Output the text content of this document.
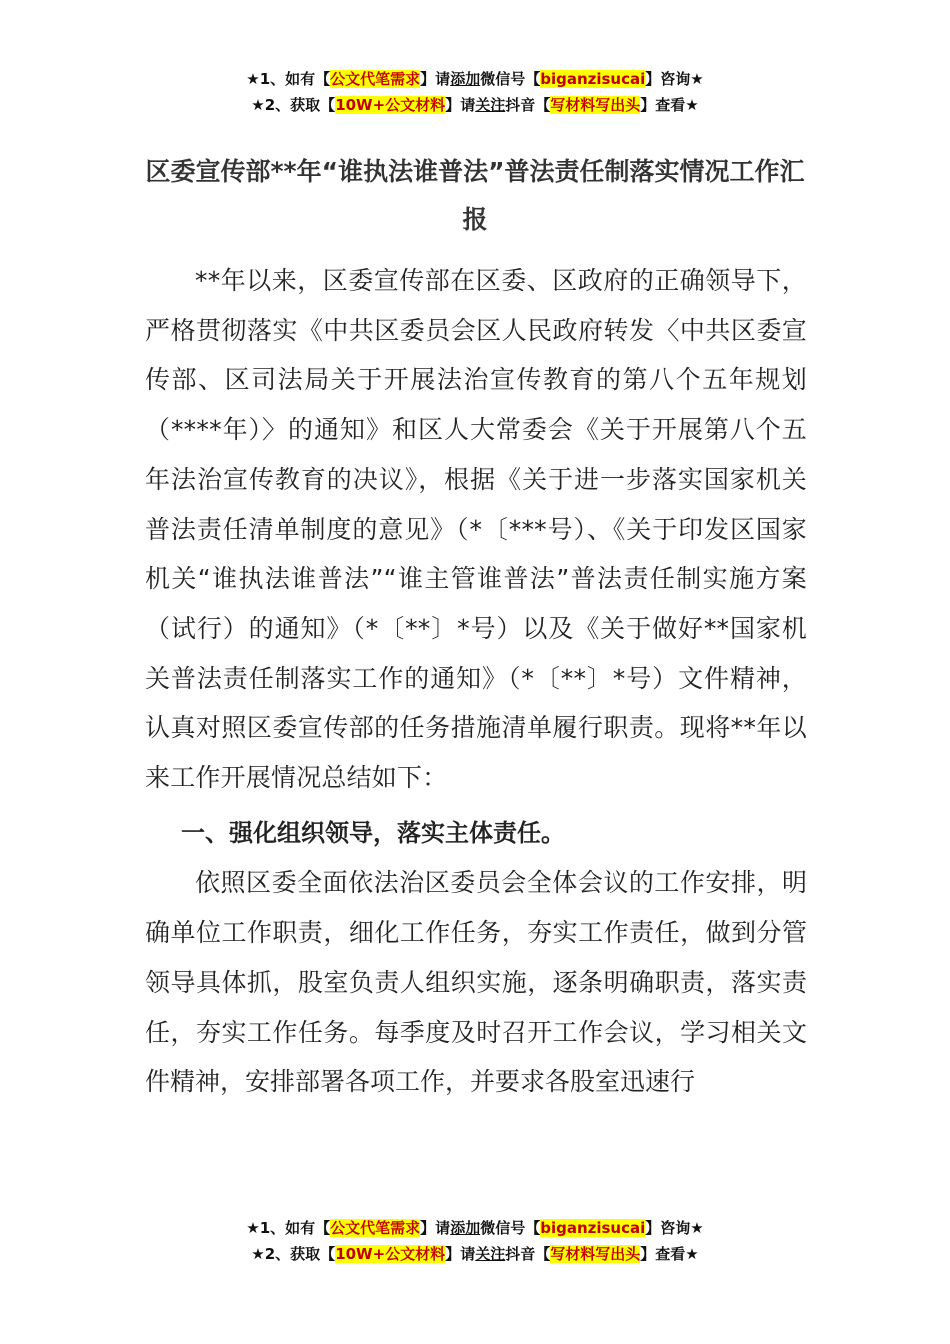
★1、如有【公文代笔需求】请添加微信号【biganzisucai】咨询★
★2、获取【10W+公文材料】请关注抖音【写材料写出头】查看★
区委宣传部**年“谁执法谁普法”普法责任制落实情况工作汇报

**年以来，区委宣传部在区委、区政府的正确领导下，严格贯彻落实《中共区委员会区人民政府转发〈中共区委宣传部、区司法局关于开展法治宣传教育的第八个五年规划（****年）〉的通知》和区人大常委会《关于开展第八个五年法治宣传教育的决议》，根据《关于进一步落实国家机关普法责任清单制度的意见》（*〔***号）、《关于印发区国家机关“谁执法谁普法”“谁主管谁普法”普法责任制实施方案（试行）的通知》（*〔**〕*号）以及《关于做好**国家机关普法责任制落实工作的通知》（*〔**〕*号）文件精神，认真对照区委宣传部的任务措施清单履行职责。现将**年以来工作开展情况总结如下：

一、强化组织领导，落实主体责任。

依照区委全面依法治区委员会全体会议的工作安排，明确单位工作职责，细化工作任务，夯实工作责任，做到分管领导具体抓，股室负责人组织实施，逐条明确职责，落实责任，夯实工作任务。每季度及时召开工作会议，学习相关文件精神，安排部署各项工作，并要求各股室迅速行

★1、如有【公文代笔需求】请添加微信号【biganzisucai】咨询★
★2、获取【10W+公文材料】请关注抖音【写材料写出头】查看★
